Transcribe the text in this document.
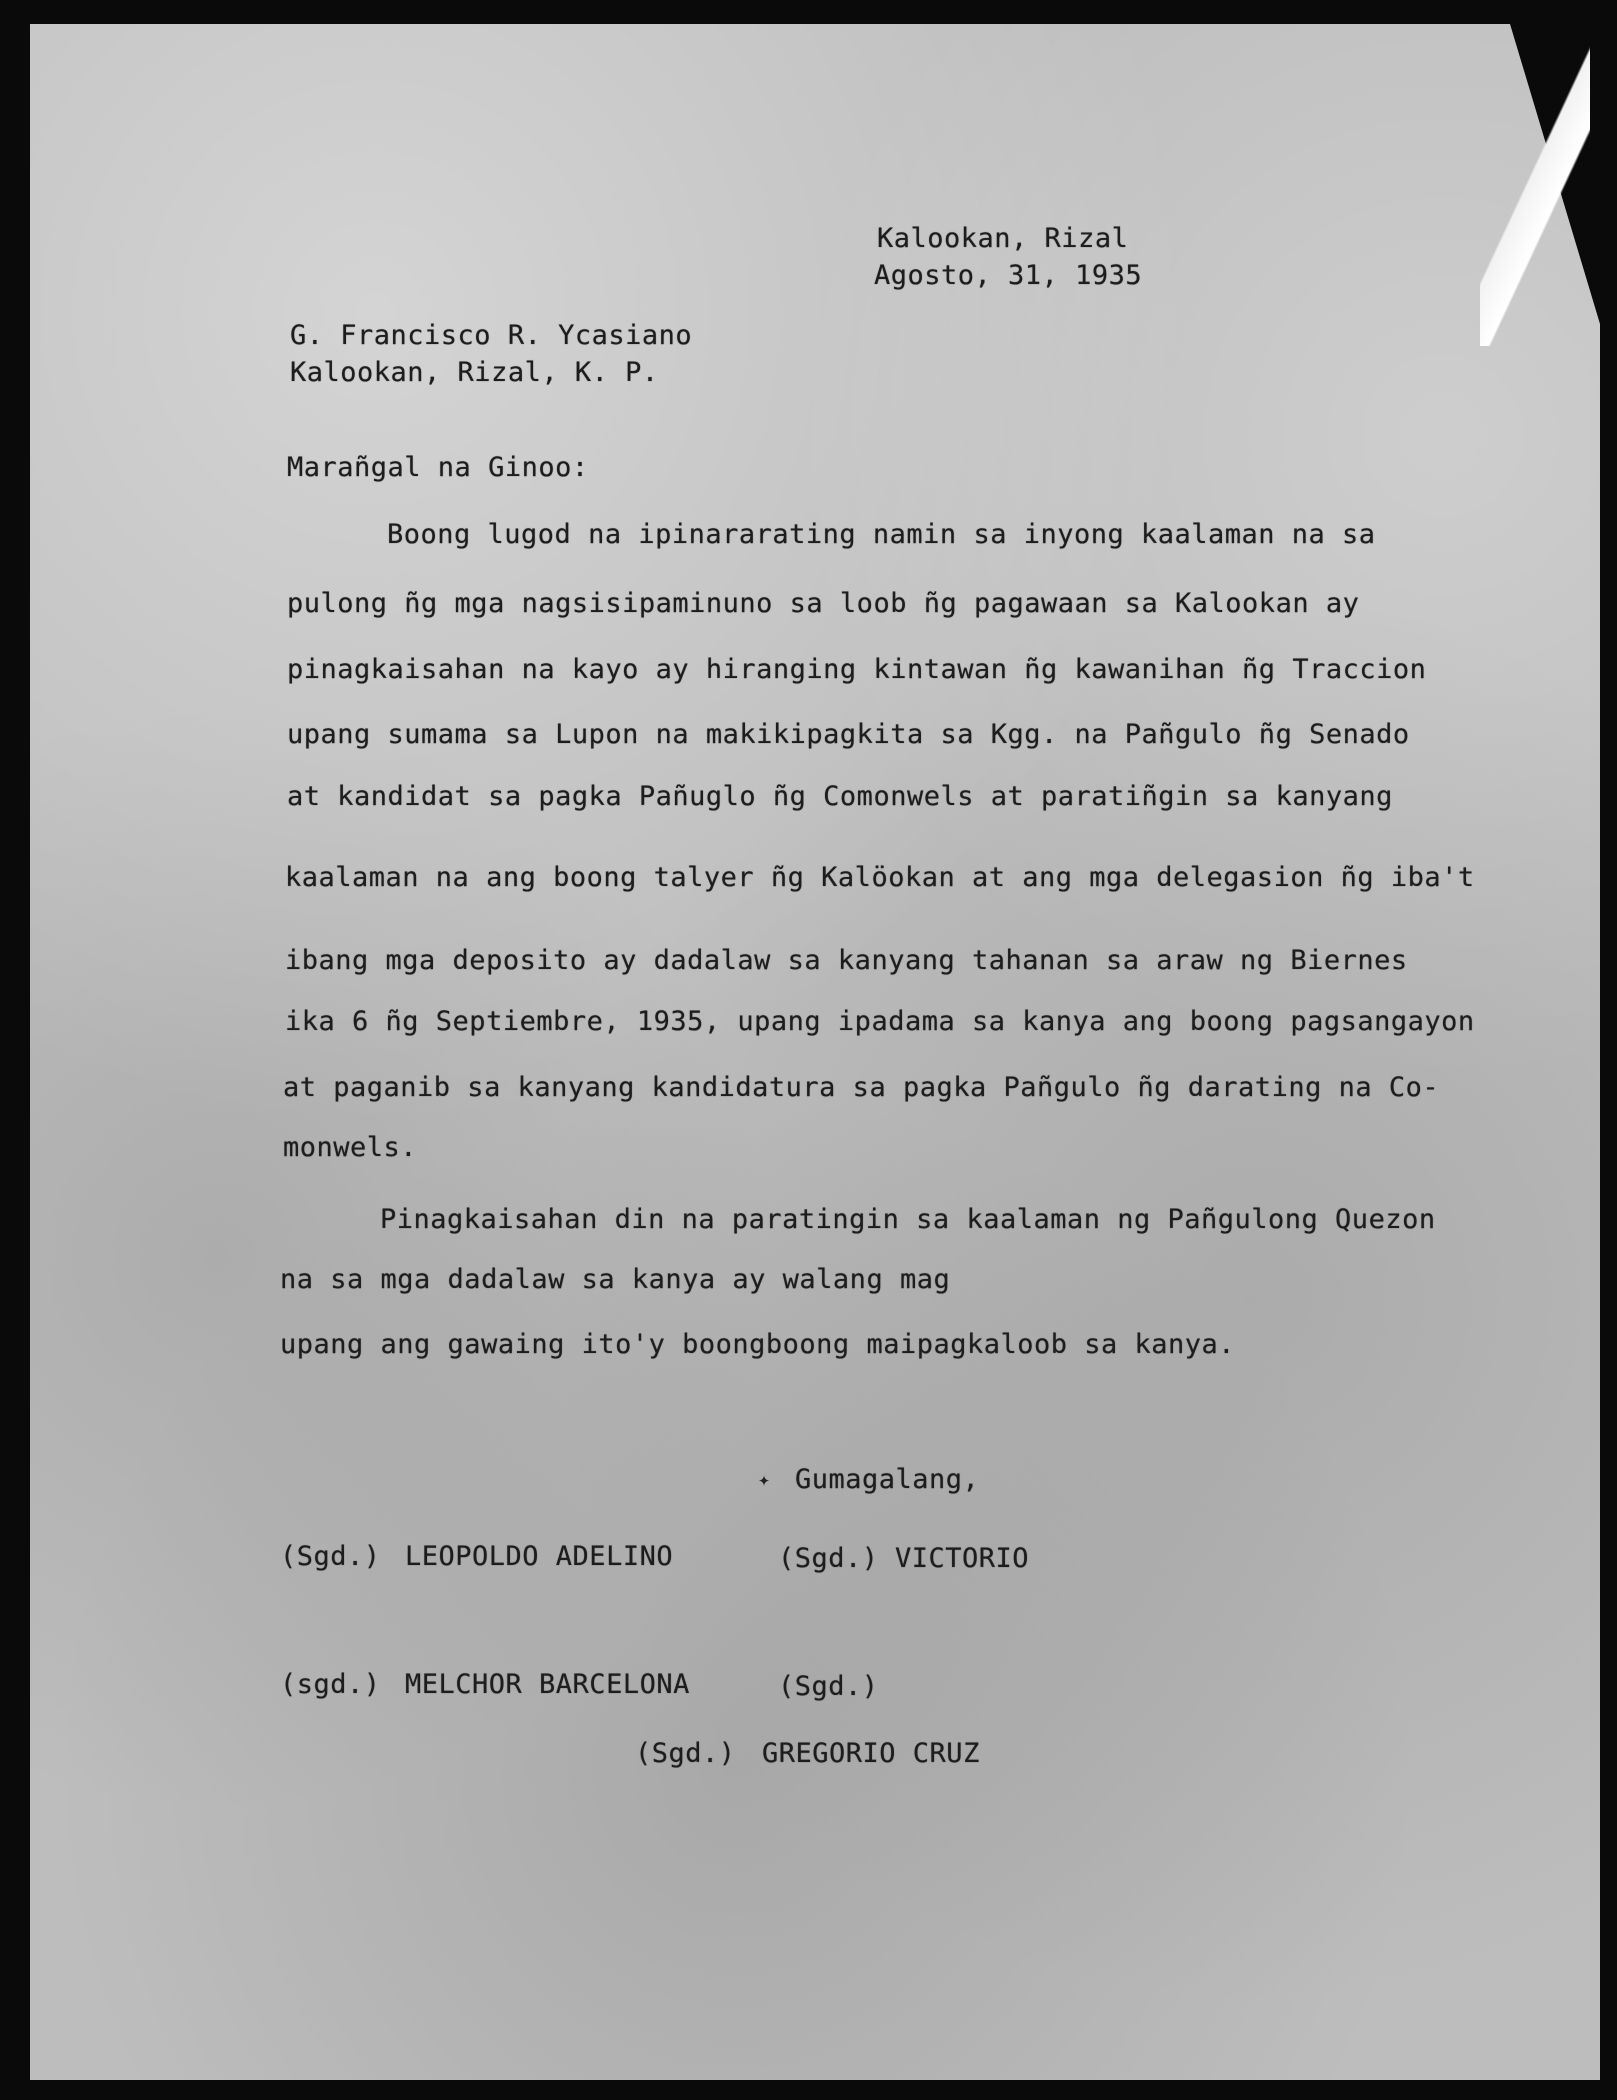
Kalookan, Rizal
Agosto, 31, 1935
G. Francisco R. Ycasiano
Kalookan, Rizal, K. P.
Marañgal na Ginoo:
Boong lugod na ipinararating namin sa inyong kaalaman na sa
pulong ñg mga nagsisipaminuno sa loob ñg pagawaan sa Kalookan ay
pinagkaisahan na kayo ay hiranging kintawan ñg kawanihan ñg Traccion
upang sumama sa Lupon na makikipagkita sa Kgg. na Pañgulo ñg Senado
at kandidat sa pagka Pañuglo ñg Comonwels at paratiñgin sa kanyang
kaalaman na ang boong talyer ñg Kalöokan at ang mga delegasion ñg iba't
ibang mga deposito ay dadalaw sa kanyang tahanan sa araw ng Biernes
ika 6 ñg Septiembre, 1935, upang ipadama sa kanya ang boong pagsangayon
at paganib sa kanyang kandidatura sa pagka Pañgulo ñg darating na Co-
monwels.
Pinagkaisahan din na paratingin sa kaalaman ng Pañgulong Quezon
na sa mga dadalaw sa kanya ay walang mag
upang ang gawaing ito'y boongboong maipagkaloob sa kanya.
✦ Gumagalang,
(Sgd.) LEOPOLDO ADELINO	(Sgd.) VICTORIO
(sgd.) MELCHOR BARCELONA	(Sgd.)
(Sgd.) GREGORIO CRUZ
